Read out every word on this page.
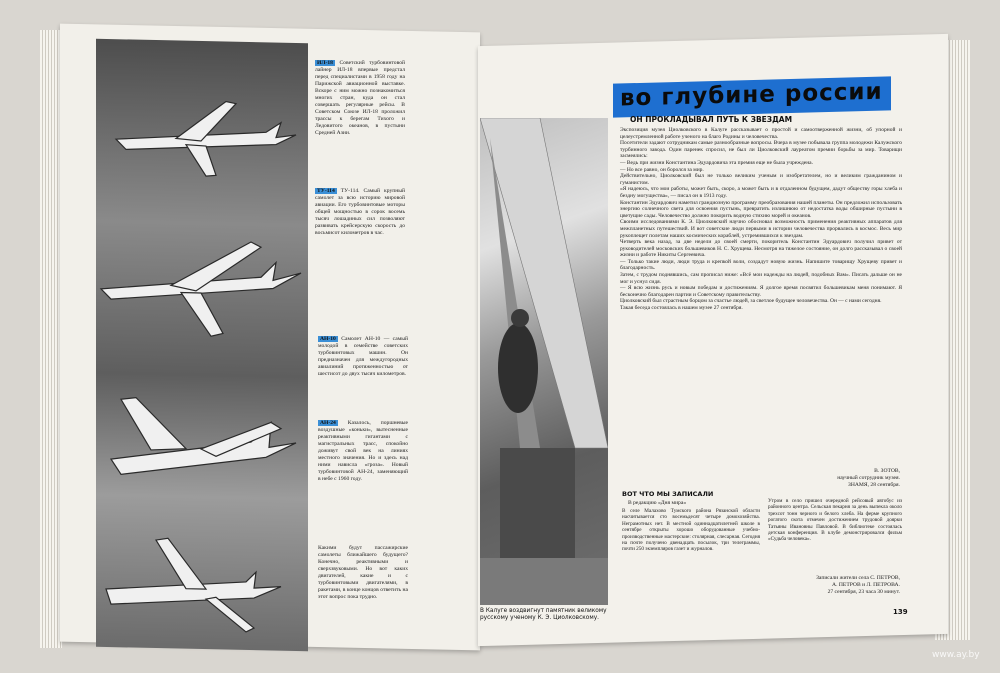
ИЛ-18 Советский турбовинтовой лайнер ИЛ-18 впервые предстал перед специалистами в 1958 году на Парижской авиационной выставке. Вскоре с ним можно познакомиться многих стран, куда он стал совершать регулярные рейсы. В Советском Союзе ИЛ-18 проложил трассы к берегам Тихого и Ледовитого океанов, в пустыни Средней Азии.
ТУ-114 ТУ-114. Самый крупный самолет за всю историю мировой авиации. Его турбовинтовые моторы общей мощностью в сорок восемь тысяч лошадиных сил позволяют развивать крейсерскую скорость до восьмисот километров в час.
АН-10 Самолет АН-10 — самый молодой в семействе советских турбовинтовых машин. Он предназначен для междугородных авиалиний протяженностью от шестисот до двух тысяч километров.
АН-24 Казалось, поршневые воздушные «коньки», вытесненные реактивными гигантами с магистральных трасс, спокойно доживут свой век на линиях местного значения. Но и здесь над ними нависла «гроза». Новый турбовинтовой АН-24, заменяющий в небе с 1960 году.
Какими будут пассажирские самолеты ближайшего будущего? Конечно, реактивными и сверхзвуковыми. Но вот каких двигателей, какие и с турбовинтовыми двигателями, в ракетами, в конце концов ответить на этот вопрос пока трудно.
во глубине россии
В Калуге воздвигнут памятник великому русскому ученому К. Э. Циолковскому.
ОН ПРОКЛАДЫВАЛ ПУТЬ К ЗВЕЗДАМ
Экспозиция музея Циолковского в Калуге рассказывает о простой и самоотверженной жизни, об упорной и целеустремленной работе ученого на благо Родины и человечества.
Посетители задают сотрудникам самые разнообразные вопросы. Вчера в музее побывала группа молодежи Калужского турбинного завода. Один паренек спросил, не был ли Циолковский лауреатом премии борьбы за мир. Товарищи засмеялись:
— Ведь при жизни Константина Эдуардовича эта премия еще не была учреждена.
— Но все равно, он боролся за мир.
Действительно, Циолковский был не только великим ученым и изобретателем, но и великим гражданином и гуманистом.
«Я надеюсь, что мои работы, может быть, скоро, а может быть и в отдаленном будущем, дадут обществу горы хлеба и бездну могущества», — писал он в 1913 году.
Константин Эдуардович наметил грандиозную программу преобразования нашей планеты. Он предложил использовать энергию солнечного света для освоения пустынь, превратить излишнюю от недостатка воды обширные пустыни в цветущие сады. Человечество должно покорить водную стихию морей и океанов.
Своими исследованиями К. Э. Циолковский научно обосновал возможность применения реактивных аппаратов для межпланетных путешествий. И вот советские люди первыми в истории человечества прорвались в космос. Весь мир рукоплещет полетам наших космических кораблей, устремившихся к звездам.
Четверть века назад, за две недели до своей смерти, покоритель Константин Эдуардович получил привет от руководителей московских большевиков Н. С. Хрущева. Несмотря на тяжелое состояние, он долго рассказывал о своей жизни и работе Никиты Сергеевича.
— Только такие люди, люди труда и крепкой воли, создадут новую жизнь. Напишите товарищу Хрущеву привет и благодарность.
Затем, с трудом поднявшись, сам прописал ниже: «Всё мои надежды на людей, подобных Вам». Писать дальше он не мог и уснул сидя.
— Я всю жизнь русь и новым победам и достижениям. Я долгое время посвятил большевикам меня понимают. Я бесконечно благодарен партии и Советскому правительству.
Циолковский был страстным борцом за счастье людей, за светлое будущее человечества. Он — с нами сегодня.
Такая беседа состоялась в нашем музее 27 сентября.
В. ЗОТОВ,
научный сотрудник музея.
ЗНАМЯ, 28 сентября.
ВОТ ЧТО МЫ ЗАПИСАЛИ
В редакцию «Дня мира»
В селе Малахово Тумского района Рязанской области насчитывается сто восемьдесят четыре домохозяйства. Неграмотных нет. В местной одиннадцатилетней школе в сентябре открыты хорошо оборудованные учебно-производственные мастерские: столярная, слесарная. Сегодня на почте получено двенадцать посылок, три телеграммы, почти 250 экземпляров газет и журналов.
Утром в село пришел очередной рейсовый автобус из районного центра. Сельская пекарня за день выпекла около трехсот тонн черного и белого хлеба. На ферме крупного рогатого скота отмечен достижением трудовой доярки Татьяны Ивановны Павловой. В библиотеке состоялась детская конференция. В клубе демонстрировался фильм «Судьба человека».
Записали жители села С. ПЕТРОВ,
А. ПЕТРОВ и Л. ПЕТРОВА.
27 сентября, 23 часа 30 минут.
139
www.ay.by
